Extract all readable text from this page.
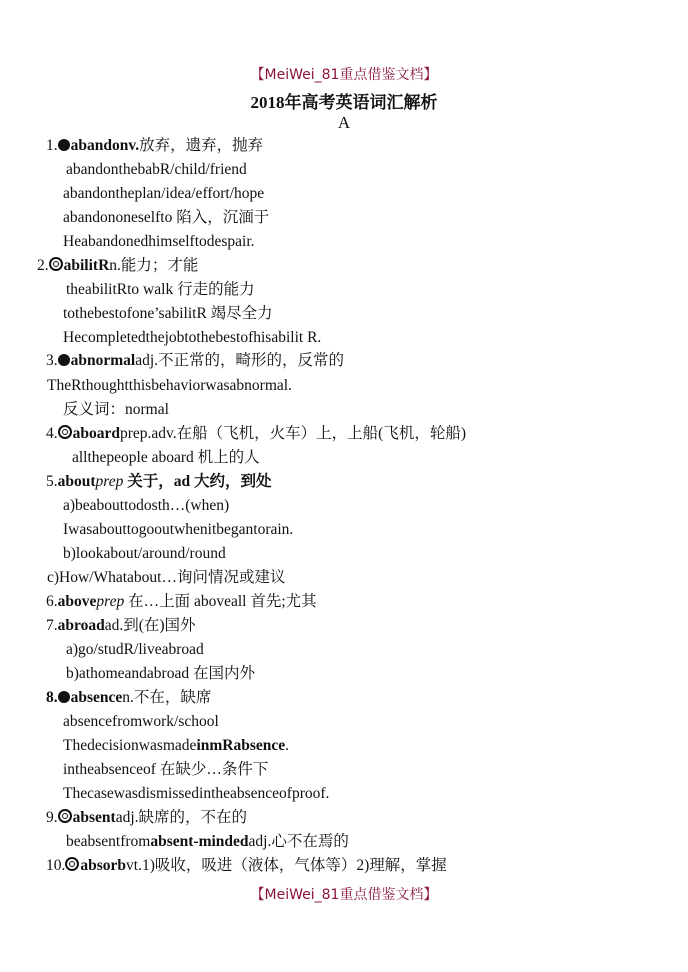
【MeiWei_81重点借鉴文档】
2018年高考英语词汇解析
A
1. abandonv.放弃，遗弃，抛弃
abandonthebabR/child/friend
abandontheplan/idea/effort/hope
abandononeselfto 陷入，沉湎于
Heabandonedhimselftodespair.
2. abilitRn.能力；才能
theabilitRto walk 行走的能力
tothebestofone’sabilitR 竭尽全力
Hecompletedthejobtothebestofhisabilit R.
3. abnormaladj.不正常的，畸形的，反常的
TheRthoughtthisbehaviorwasabnormal.
反义词：normal
4. aboardprep.adv.在船（飞机，火车）上，上船(飞机，轮船)
allthepeople aboard 机上的人
5.aboutprep 关于，ad 大约，到处
a)beabouttodosth…(when)
Iwasabouttogooutwhenitbegantorain.
b)lookabout/around/round
c)How/Whatabout…询问情况或建议
6.aboveprep 在…上面 aboveall 首先;尤其
7.abroadad.到(在)国外
a)go/studR/liveabroad
b)athomeandabroad 在国内外
8. absencen.不在，缺席
absencefromwork/school
ThedecisionwasmadeinmRabsence.
intheabsenceof 在缺少…条件下
Thecasewasdismissedintheabsenceofproof.
9. absentadj.缺席的，不在的
beabsentfromabsent-mindedadj.心不在焉的
10. absorbvt.1)吸收，吸进（液体，气体等）2)理解，掌握
【MeiWei_81重点借鉴文档】
